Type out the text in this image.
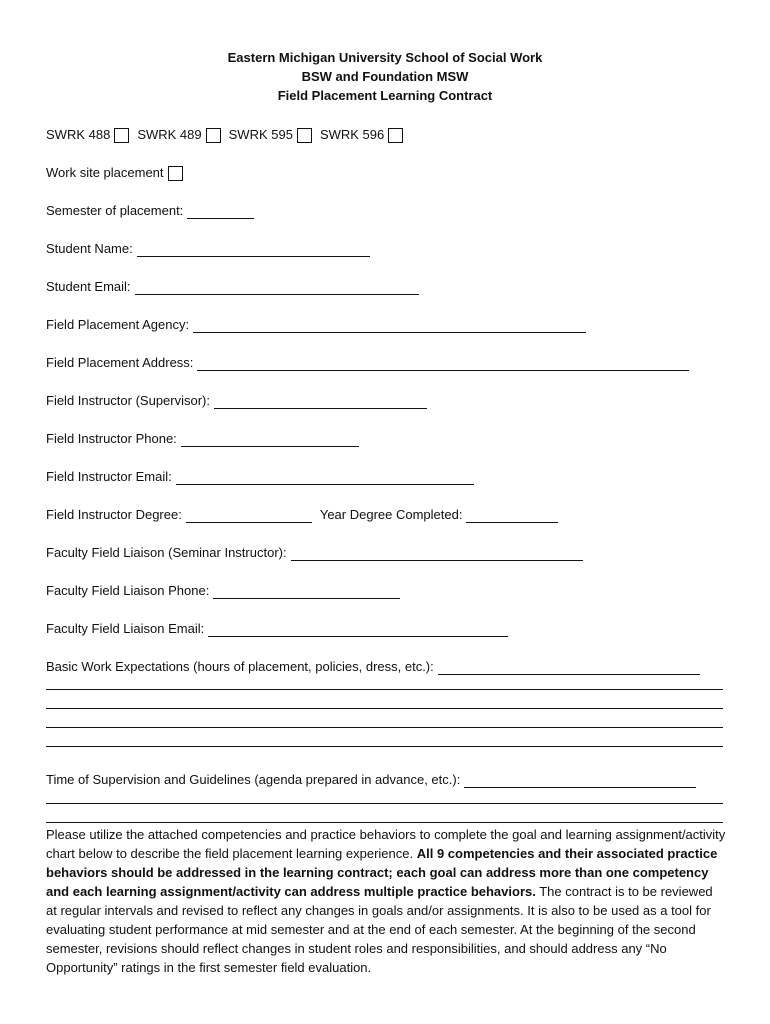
Eastern Michigan University School of Social Work
BSW and Foundation MSW
Field Placement Learning Contract
SWRK 488 SWRK 489 SWRK 595 SWRK 596
Work site placement
Semester of placement:
Student Name:
Student Email:
Field Placement Agency:
Field Placement Address:
Field Instructor (Supervisor):
Field Instructor Phone:
Field Instructor Email:
Field Instructor Degree:	Year Degree Completed:
Faculty Field Liaison (Seminar Instructor):
Faculty Field Liaison Phone:
Faculty Field Liaison Email:
Basic Work Expectations (hours of placement, policies, dress, etc.):
Time of Supervision and Guidelines (agenda prepared in advance, etc.):
Please utilize the attached competencies and practice behaviors to complete the goal and learning assignment/activity chart below to describe the field placement learning experience. All 9 competencies and their associated practice behaviors should be addressed in the learning contract; each goal can address more than one competency and each learning assignment/activity can address multiple practice behaviors. The contract is to be reviewed at regular intervals and revised to reflect any changes in goals and/or assignments. It is also to be used as a tool for evaluating student performance at mid semester and at the end of each semester. At the beginning of the second semester, revisions should reflect changes in student roles and responsibilities, and should address any “No Opportunity” ratings in the first semester field evaluation.
